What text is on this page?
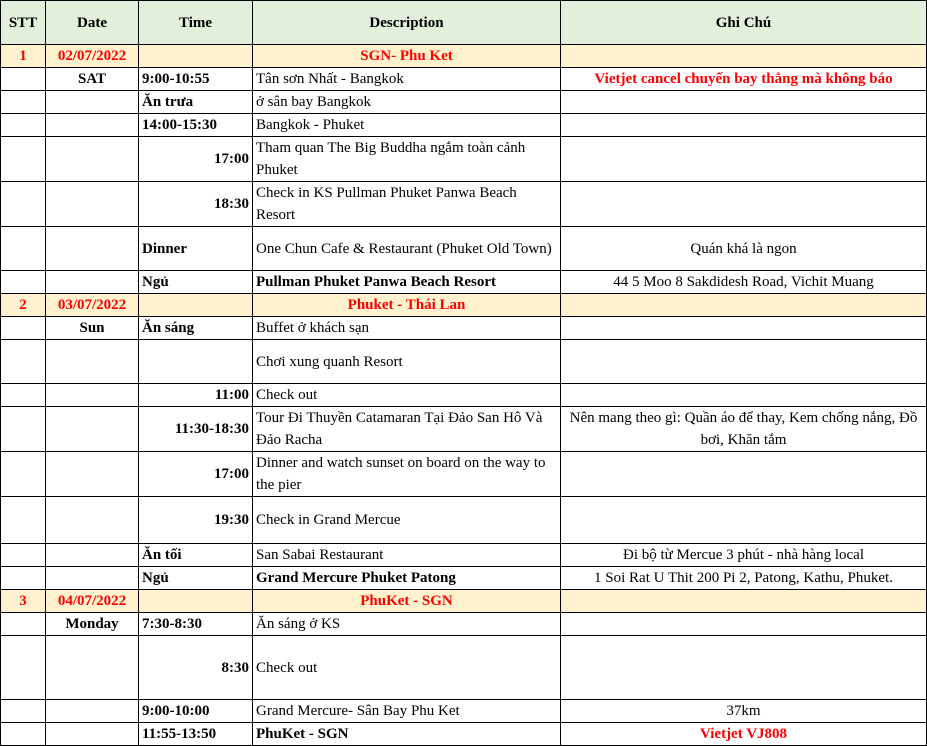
STT	Date	Time	Description	Ghi Chú
1	02/07/2022		SGN- Phu Ket	
	SAT	9:00-10:55	Tân sơn Nhất - Bangkok	Vietjet cancel chuyến bay thẳng mà không báo
		Ăn trưa	ở sân bay Bangkok	
		14:00-15:30	Bangkok - Phuket	
		17:00	Tham quan The Big Buddha ngắm toàn cảnh Phuket	
		18:30	Check in KS Pullman Phuket Panwa Beach Resort	
		Dinner	One Chun Cafe & Restaurant (Phuket Old Town)	Quán khá là ngon
		Ngủ	Pullman Phuket Panwa Beach Resort	44 5 Moo 8 Sakdidesh Road, Vichit Muang
2	03/07/2022		Phuket - Thái Lan	
	Sun	Ăn sáng	Buffet ở khách sạn	
			Chơi xung quanh Resort	
		11:00	Check out	
		11:30-18:30	Tour Đi Thuyền Catamaran Tại Đảo San Hô Và Đảo Racha	Nên mang theo gì: Quần áo để thay, Kem chống nắng, Đồ bơi, Khăn tắm
		17:00	Dinner and watch sunset on board on the way to the pier	
		19:30	Check in Grand Mercue	
		Ăn tối	San Sabai Restaurant	Đi bộ từ Mercue 3 phút - nhà hàng local
		Ngủ	Grand Mercure Phuket Patong	1 Soi Rat U Thit 200 Pi 2, Patong, Kathu, Phuket.
3	04/07/2022		PhuKet - SGN	
	Monday	7:30-8:30	Ăn sáng ở KS	
		8:30	Check out	
		9:00-10:00	Grand Mercure- Sân Bay Phu Ket	37km
		11:55-13:50	PhuKet - SGN	Vietjet VJ808
